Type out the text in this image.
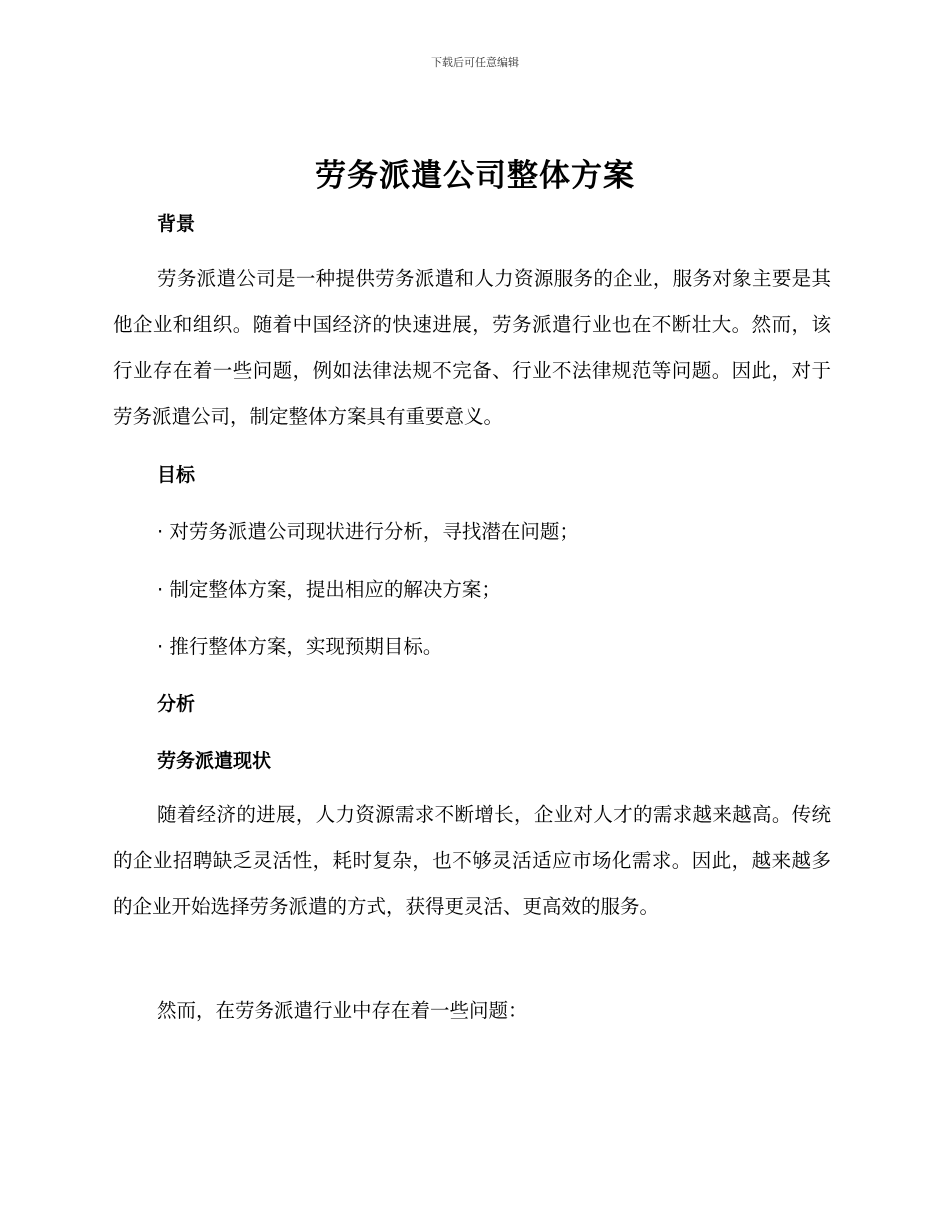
下载后可任意编辑
劳务派遣公司整体方案
背景

劳务派遣公司是一种提供劳务派遣和人力资源服务的企业，服务对象主要是其他企业和组织。随着中国经济的快速进展，劳务派遣行业也在不断壮大。然而，该行业存在着一些问题，例如法律法规不完备、行业不法律规范等问题。因此，对于劳务派遣公司，制定整体方案具有重要意义。

目标
· 对劳务派遣公司现状进行分析，寻找潜在问题；
· 制定整体方案，提出相应的解决方案；
· 推行整体方案，实现预期目标。
分析
劳务派遣现状

随着经济的进展，人力资源需求不断增长，企业对人才的需求越来越高。传统的企业招聘缺乏灵活性，耗时复杂，也不够灵活适应市场化需求。因此，越来越多的企业开始选择劳务派遣的方式，获得更灵活、更高效的服务。

然而，在劳务派遣行业中存在着一些问题：
